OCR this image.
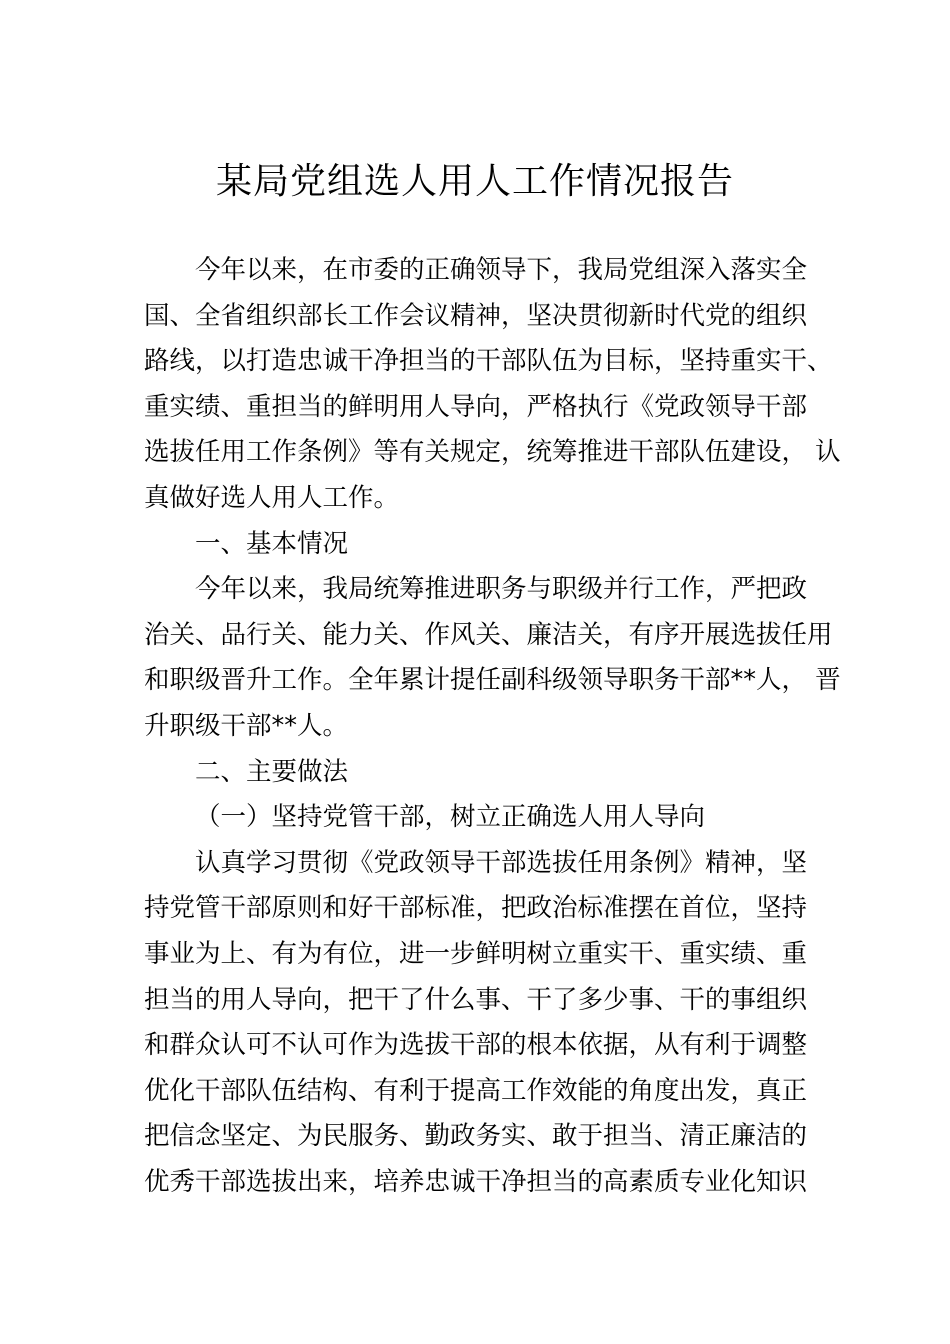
某局党组选人用人工作情况报告
今年以来，在市委的正确领导下，我局党组深入落实全
国、全省组织部长工作会议精神，坚决贯彻新时代党的组织
路线，以打造忠诚干净担当的干部队伍为目标，坚持重实干、
重实绩、重担当的鲜明用人导向，严格执行《党政领导干部
选拔任用工作条例》等有关规定，统筹推进干部队伍建设， 认
真做好选人用人工作。
一、基本情况
今年以来，我局统筹推进职务与职级并行工作，严把政
治关、品行关、能力关、作风关、廉洁关，有序开展选拔任用
和职级晋升工作。全年累计提任副科级领导职务干部**人， 晋
升职级干部**人。
二、主要做法
（一）坚持党管干部，树立正确选人用人导向
认真学习贯彻《党政领导干部选拔任用条例》精神，坚
持党管干部原则和好干部标准，把政治标准摆在首位，坚持
事业为上、有为有位，进一步鲜明树立重实干、重实绩、重
担当的用人导向，把干了什么事、干了多少事、干的事组织
和群众认可不认可作为选拔干部的根本依据，从有利于调整
优化干部队伍结构、有利于提高工作效能的角度出发，真正
把信念坚定、为民服务、勤政务实、敢于担当、清正廉洁的
优秀干部选拔出来，培养忠诚干净担当的高素质专业化知识
